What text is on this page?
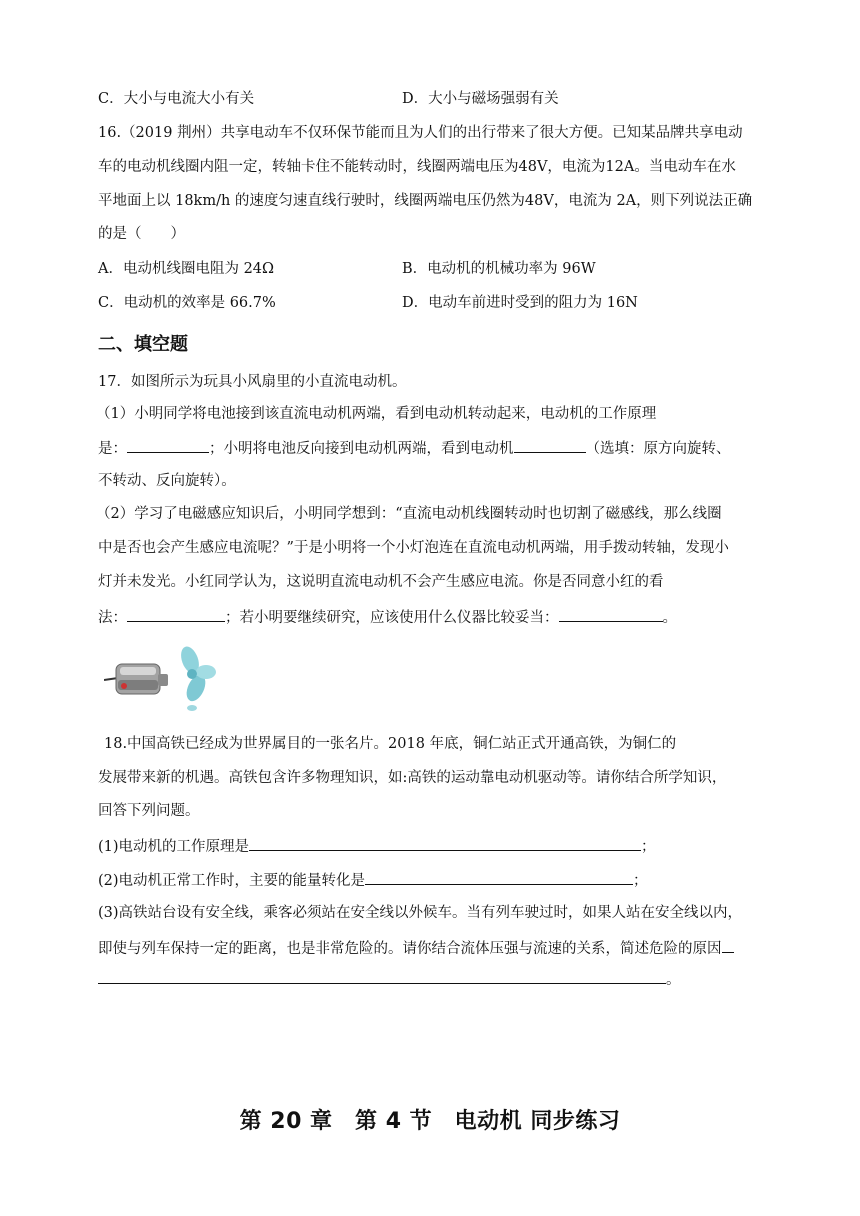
C．大小与电流大小有关	D．大小与磁场强弱有关
16.（2019 荆州）共享电动车不仅环保节能而且为人们的出行带来了很大方便。已知某品牌共享电动
车的电动机线圈内阻一定，转轴卡住不能转动时，线圈两端电压为48V，电流为12A。当电动车在水
平地面上以 18km/h 的速度匀速直线行驶时，线圈两端电压仍然为48V，电流为 2A，则下列说法正确
的是（　　）
A．电动机线圈电阻为 24Ω	B．电动机的机械功率为 96W
C．电动机的效率是 66.7%	D．电动车前进时受到的阻力为 16N
二、填空题
17．如图所示为玩具小风扇里的小直流电动机。
（1）小明同学将电池接到该直流电动机两端，看到电动机转动起来，电动机的工作原理
是：	；小明将电池反向接到电动机两端，看到电动机	（选填：原方向旋转、
不转动、反向旋转）。
（2）学习了电磁感应知识后，小明同学想到：“直流电动机线圈转动时也切割了磁感线，那么线圈
中是否也会产生感应电流呢？”于是小明将一个小灯泡连在直流电动机两端，用手拨动转轴，发现小
灯并未发光。小红同学认为，这说明直流电动机不会产生感应电流。你是否同意小红的看
法：	；若小明要继续研究，应该使用什么仪器比较妥当：	。
18.中国高铁已经成为世界属目的一张名片。2018 年底，铜仁站正式开通高铁，为铜仁的
发展带来新的机遇。高铁包含许多物理知识，如:高铁的运动靠电动机驱动等。请你结合所学知识，
回答下列问题。
(1)电动机的工作原理是	；
(2)电动机正常工作时，主要的能量转化是	；
(3)高铁站台设有安全线，乘客必须站在安全线以外候车。当有列车驶过时，如果人站在安全线以内，
即使与列车保持一定的距离，也是非常危险的。请你结合流体压强与流速的关系，简述危险的原因
。
第 20 章　第 4 节　电动机 同步练习
